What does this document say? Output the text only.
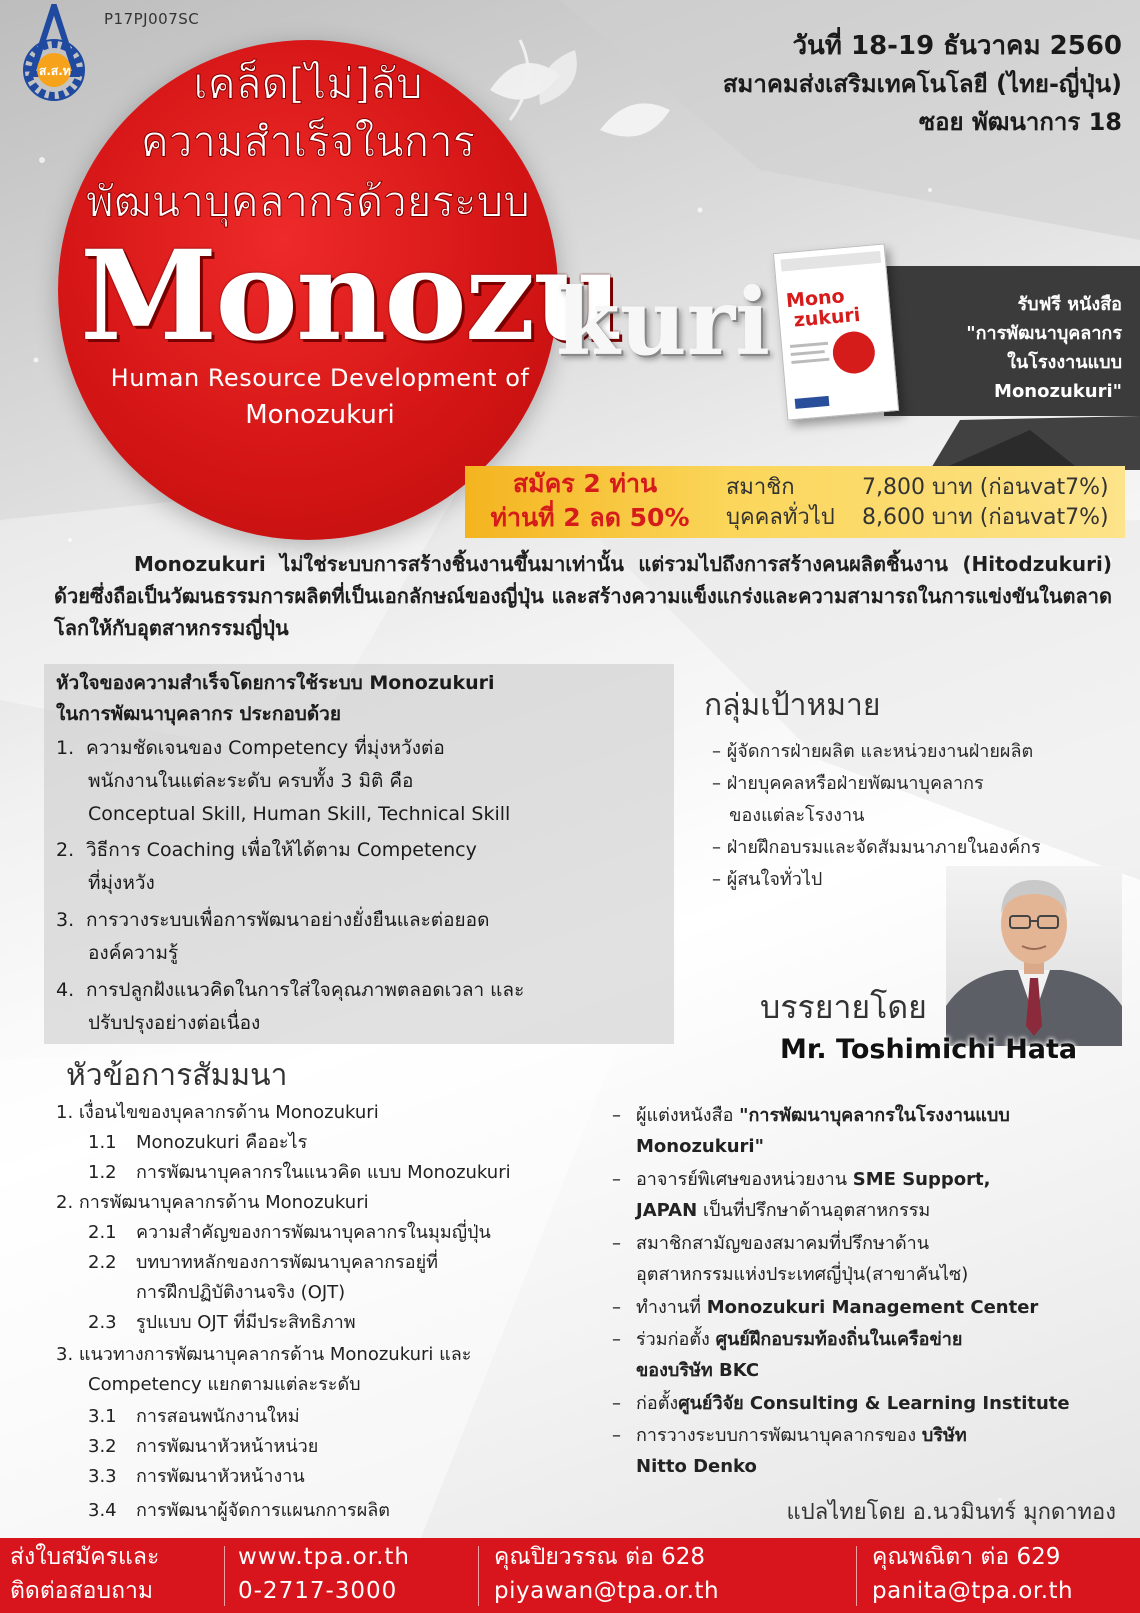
ส.ส.ท
P17PJ007SC
เคล็ด[ไม่]ลับ
ความสำเร็จในการ
พัฒนาบุคลากรด้วยระบบ
Monozu
kuri
Human Resource Development of
Monozukuri
วันที่ 18-19 ธันวาคม 2560
สมาคมส่งเสริมเทคโนโลยี (ไทย-ญี่ปุ่น)
ซอย พัฒนาการ 18
รับฟรี หนังสือ
"การพัฒนาบุคลากร
ในโรงงานแบบ
Monozukuri"
Mono
zukuri
สมัคร 2 ท่าน
ท่านที่ 2 ลด 50%
สมาชิก	7,800 บาท (ก่อนvat7%)
บุคคลทั่วไป 8,600 บาท (ก่อนvat7%)
Monozukuri ไม่ใช่ระบบการสร้างชิ้นงานขึ้นมาเท่านั้น แต่รวมไปถึงการสร้างคนผลิตชิ้นงาน (Hitodzukuri) ด้วยซึ่งถือเป็นวัฒนธรรมการผลิตที่เป็นเอกลักษณ์ของญี่ปุ่น และสร้างความแข็งแกร่งและความสามารถในการแข่งขันในตลาดโลกให้กับอุตสาหกรรมญี่ปุ่น
หัวใจของความสำเร็จโดยการใช้ระบบ Monozukuri
ในการพัฒนาบุคลากร ประกอบด้วย
1. ความชัดเจนของ Competency ที่มุ่งหวังต่อ
พนักงานในแต่ละระดับ ครบทั้ง 3 มิติ คือ
Conceptual Skill, Human Skill, Technical Skill
2. วิธีการ Coaching เพื่อให้ได้ตาม Competency
ที่มุ่งหวัง
3. การวางระบบเพื่อการพัฒนาอย่างยั่งยืนและต่อยอด
องค์ความรู้
4. การปลูกฝังแนวคิดในการใส่ใจคุณภาพตลอดเวลา และ
ปรับปรุงอย่างต่อเนื่อง
กลุ่มเป้าหมาย
– ผู้จัดการฝ่ายผลิต และหน่วยงานฝ่ายผลิต
– ฝ่ายบุคคลหรือฝ่ายพัฒนาบุคลากร
ของแต่ละโรงงาน
– ฝ่ายฝึกอบรมและจัดสัมมนาภายในองค์กร
– ผู้สนใจทั่วไป
บรรยายโดย
Mr. Toshimichi Hata
หัวข้อการสัมมนา
1. เงื่อนไขของบุคลากรด้าน Monozukuri
1.1 Monozukuri คืออะไร
1.2 การพัฒนาบุคลากรในแนวคิด แบบ Monozukuri
2. การพัฒนาบุคลากรด้าน Monozukuri
2.1 ความสำคัญของการพัฒนาบุคลากรในมุมญี่ปุ่น
2.2 บทบาทหลักของการพัฒนาบุคลากรอยู่ที่
การฝึกปฏิบัติงานจริง (OJT)
2.3 รูปแบบ OJT ที่มีประสิทธิภาพ
3. แนวทางการพัฒนาบุคลากรด้าน Monozukuri และ
Competency แยกตามแต่ละระดับ
3.1 การสอนพนักงานใหม่
3.2 การพัฒนาหัวหน้าหน่วย
3.3 การพัฒนาหัวหน้างาน
3.4 การพัฒนาผู้จัดการแผนกการผลิต
– ผู้แต่งหนังสือ "การพัฒนาบุคลากรในโรงงานแบบ
Monozukuri"
– อาจารย์พิเศษของหน่วยงาน SME Support,
JAPAN เป็นที่ปรึกษาด้านอุตสาหกรรม
– สมาชิกสามัญของสมาคมที่ปรึกษาด้าน
อุตสาหกรรมแห่งประเทศญี่ปุ่น(สาขาคันไซ)
– ทำงานที่ Monozukuri Management Center
– ร่วมก่อตั้ง ศูนย์ฝึกอบรมท้องถิ่นในเครือข่าย
ของบริษัท BKC
– ก่อตั้งศูนย์วิจัย Consulting & Learning Institute
– การวางระบบการพัฒนาบุคลากรของ บริษัท
Nitto Denko
แปลไทยโดย อ.นวมินทร์ มุกดาทอง
ส่งใบสมัครและ
ติดต่อสอบถาม
www.tpa.or.th
0-2717-3000
คุณปิยวรรณ ต่อ 628
piyawan@tpa.or.th
คุณพณิตา ต่อ 629
panita@tpa.or.th
